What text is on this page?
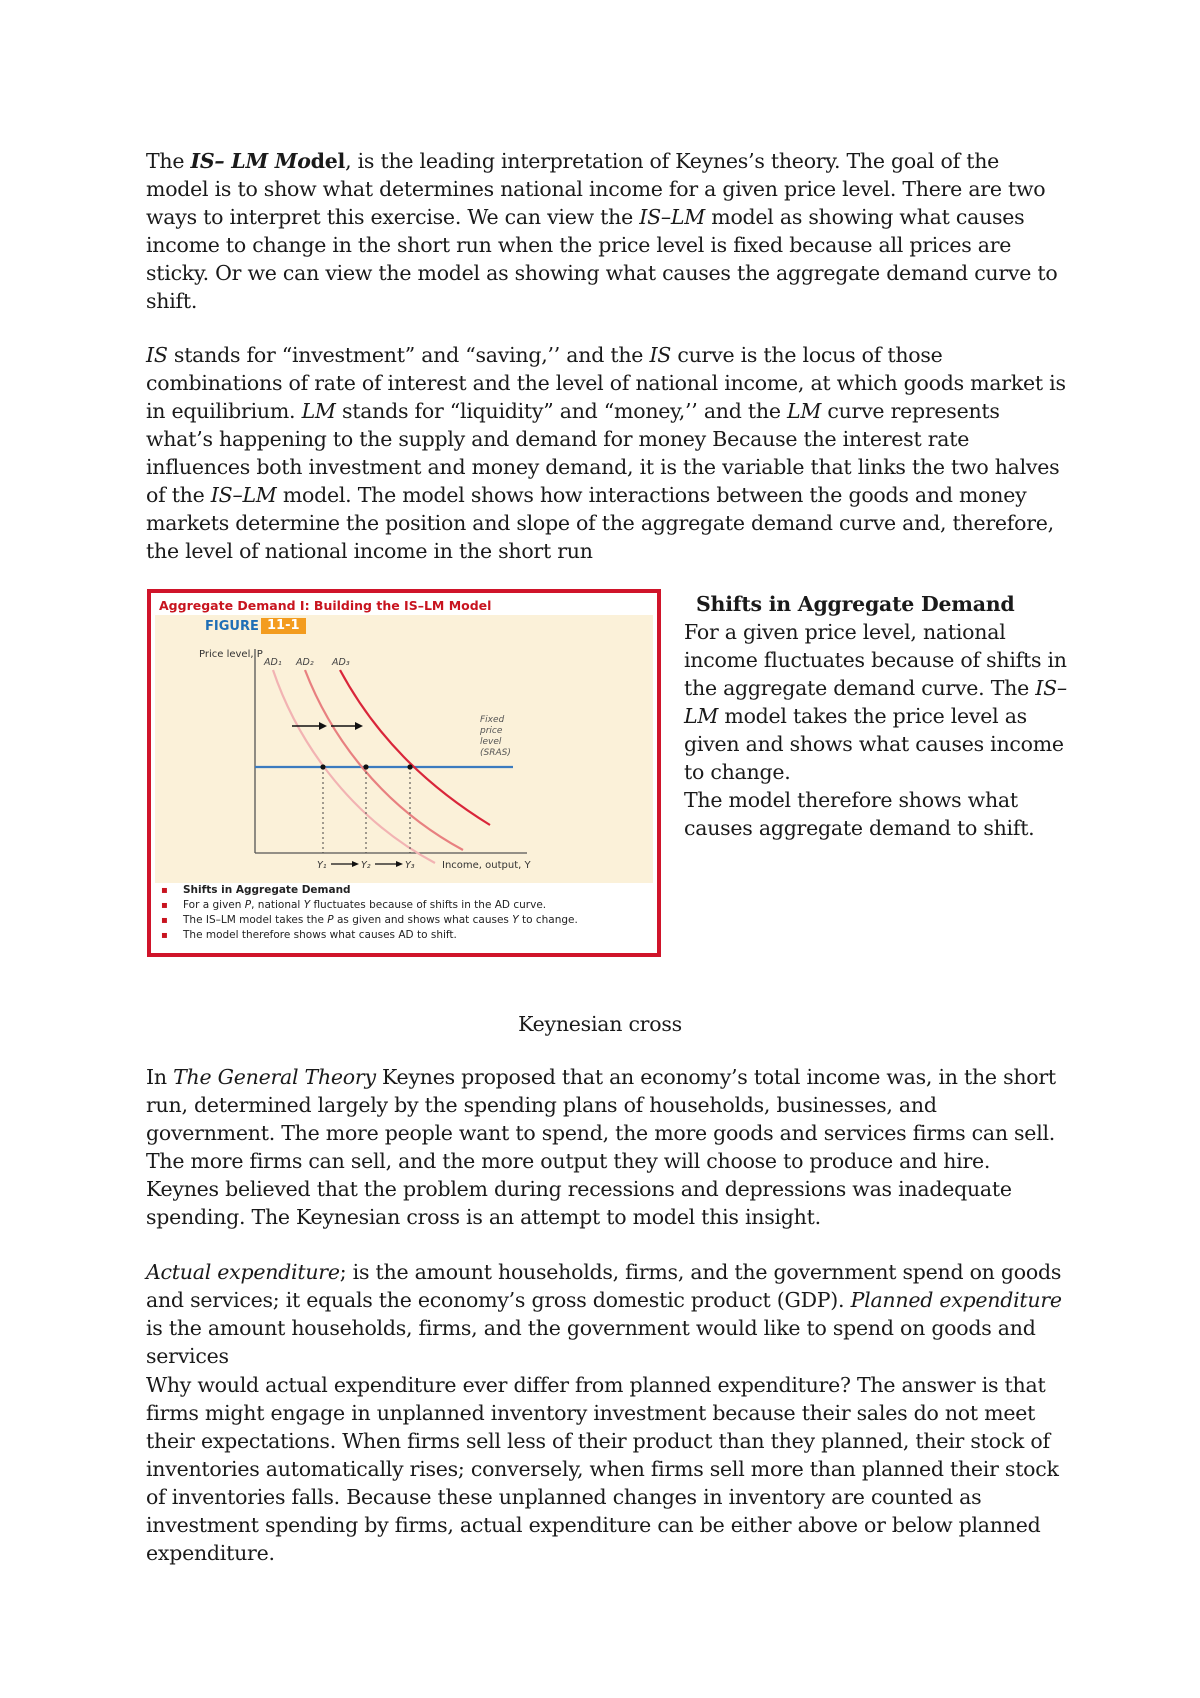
The IS– LM Model, is the leading interpretation of Keynes’s theory. The goal of the model is to show what determines national income for a given price level. There are two ways to interpret this exercise. We can view the IS–LM model as showing what causes income to change in the short run when the price level is fixed because all prices are sticky. Or we can view the model as showing what causes the aggregate demand curve to shift.

IS stands for “investment” and “saving,’’ and the IS curve is the locus of those combinations of rate of interest and the level of national income, at which goods market is in equilibrium. LM stands for “liquidity” and “money,’’ and the LM curve represents what’s happening to the supply and demand for money Because the interest rate influences both investment and money demand, it is the variable that links the two halves of the IS–LM model. The model shows how interactions between the goods and money markets determine the position and slope of the aggregate demand curve and, therefore, the level of national income in the short run

Aggregate Demand I: Building the IS–LM Model
FIGURE 11-1
Price level, P
Income, output, Y
Fixed
price
level
(SRAS)
AD₁ AD₂ AD₃
Y₁	Y₂	Y₃
▪ Shifts in Aggregate Demand
▪ For a given P, national Y fluctuates because of shifts in the AD curve.
▪ The IS–LM model takes the P as given and shows what causes Y to change.
▪ The model therefore shows what causes AD to shift.
Shifts in Aggregate Demand

For a given price level, national income fluctuates because of shifts in the aggregate demand curve. The IS–LM model takes the price level as given and shows what causes income to change.

The model therefore shows what causes aggregate demand to shift.

Keynesian cross

In The General Theory Keynes proposed that an economy’s total income was, in the short run, determined largely by the spending plans of households, businesses, and government. The more people want to spend, the more goods and services firms can sell. The more firms can sell, and the more output they will choose to produce and hire. Keynes believed that the problem during recessions and depressions was inadequate spending. The Keynesian cross is an attempt to model this insight.

Actual expenditure; is the amount households, firms, and the government spend on goods and services; it equals the economy’s gross domestic product (GDP). Planned expenditure is the amount households, firms, and the government would like to spend on goods and services

Why would actual expenditure ever differ from planned expenditure? The answer is that firms might engage in unplanned inventory investment because their sales do not meet their expectations. When firms sell less of their product than they planned, their stock of inventories automatically rises; conversely, when firms sell more than planned their stock of inventories falls. Because these unplanned changes in inventory are counted as investment spending by firms, actual expenditure can be either above or below planned expenditure.
